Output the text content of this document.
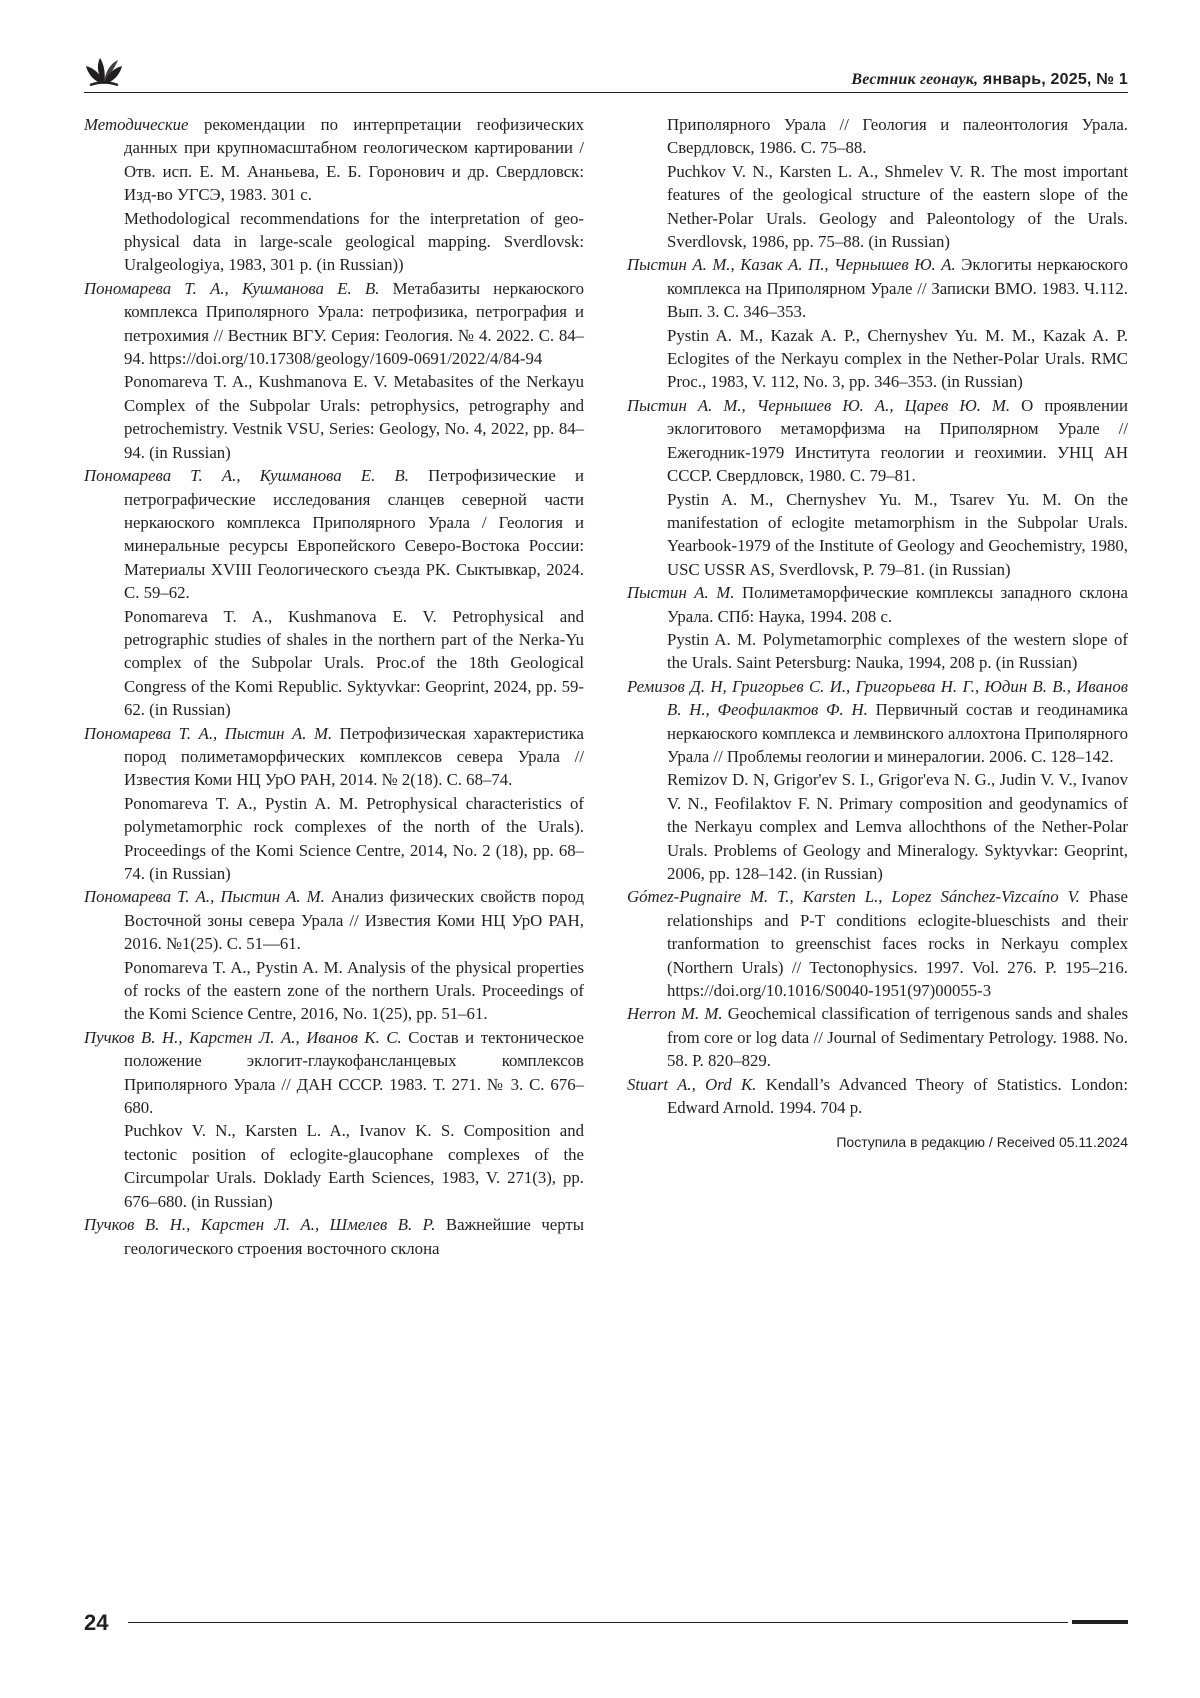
Вестник геонаук, январь, 2025, № 1
Методические рекомендации по интерпретации геофизических данных при крупномасштабном геологическом картировании / Отв. исп. Е. М. Ананьева, Е. Б. Горонович и др. Свердловск: Изд-во УГСЭ, 1983. 301 с.
Methodological recommendations for the interpretation of geo-physical data in large-scale geological mapping. Sverdlovsk: Uralgeologiya, 1983, 301 p. (in Russian))
Пономарева Т. А., Кушманова Е. В. Метабазиты неркаюского комплекса Приполярного Урала: петрофизика, петрография и петрохимия // Вестник ВГУ. Серия: Геология. № 4. 2022. С. 84–94. https://doi.org/10.17308/geology/1609-0691/2022/4/84-94
Ponomareva T. A., Kushmanova E. V. Metabasites of the Nerkayu Complex of the Subpolar Urals: petrophysics, petrography and petrochemistry. Vestnik VSU, Series: Geology, No. 4, 2022, pp. 84–94. (in Russian)
Пономарева Т. А., Кушманова Е. В. Петрофизические и петрографические исследования сланцев северной части неркаюского комплекса Приполярного Урала / Геология и минеральные ресурсы Европейского Северо-Востока России: Материалы XVIII Геологического съезда РК. Сыктывкар, 2024. С. 59–62.
Ponomareva T. A., Kushmanova E. V. Petrophysical and petrographic studies of shales in the northern part of the Nerka-Yu complex of the Subpolar Urals. Proc.of the 18th Geological Congress of the Komi Republic. Syktyvkar: Geoprint, 2024, pp. 59-62. (in Russian)
Пономарева Т. А., Пыстин А. М. Петрофизическая характеристика пород полиметаморфических комплексов севера Урала // Известия Коми НЦ УрО РАН, 2014. № 2(18). С. 68–74.
Ponomareva T. A., Pystin A. M. Petrophysical characteristics of polymetamorphic rock complexes of the north of the Urals). Proceedings of the Komi Science Centre, 2014, No. 2 (18), pp. 68–74. (in Russian)
Пономарева Т. А., Пыстин А. М. Анализ физических свойств пород Восточной зоны севера Урала // Известия Коми НЦ УрО РАН, 2016. №1(25). С. 51—61.
Ponomareva T. A., Pystin A. M. Analysis of the physical properties of rocks of the eastern zone of the northern Urals. Proceedings of the Komi Science Centre, 2016, No. 1(25), pp. 51–61.
Пучков В. Н., Карстен Л. А., Иванов К. С. Состав и тектоническое положение эклогит-глаукофансланцевых комплексов Приполярного Урала // ДАН СССР. 1983. Т. 271. № 3. С. 676–680.
Puchkov V. N., Karsten L. A., Ivanov K. S. Composition and tectonic position of eclogite-glaucophane complexes of the Circumpolar Urals. Doklady Earth Sciences, 1983, V. 271(3), pp. 676–680. (in Russian)
Пучков В. Н., Карстен Л. А., Шмелев В. Р. Важнейшие черты геологического строения восточного склона
Приполярного Урала // Геология и палеонтология Урала. Свердловск, 1986. С. 75–88.
Puchkov V. N., Karsten L. A., Shmelev V. R. The most important features of the geological structure of the eastern slope of the Nether-Polar Urals. Geology and Paleontology of the Urals. Sverdlovsk, 1986, pp. 75–88. (in Russian)
Пыстин А. М., Казак А. П., Чернышев Ю. А. Эклогиты неркаюского комплекса на Приполярном Урале // Записки ВМО. 1983. Ч.112. Вып. 3. С. 346–353.
Pystin A. M., Kazak A. P., Chernyshev Yu. M. M., Kazak A. P. Eclogites of the Nerkayu complex in the Nether-Polar Urals. RMC Proc., 1983, V. 112, No. 3, pp. 346–353. (in Russian)
Пыстин А. М., Чернышев Ю. А., Царев Ю. М. О проявлении эклогитового метаморфизма на Приполярном Урале // Ежегодник-1979 Института геологии и геохимии. УНЦ АН СССР. Свердловск, 1980. С. 79–81.
Pystin A. M., Chernyshev Yu. M., Tsarev Yu. M. On the manifestation of eclogite metamorphism in the Subpolar Urals. Yearbook-1979 of the Institute of Geology and Geochemistry, 1980, USC USSR AS, Sverdlovsk, P. 79–81. (in Russian)
Пыстин А. М. Полиметаморфические комплексы западного склона Урала. СПб: Наука, 1994. 208 с.
Pystin A. M. Polymetamorphic complexes of the western slope of the Urals. Saint Petersburg: Nauka, 1994, 208 p. (in Russian)
Ремизов Д. Н, Григорьев С. И., Григорьева Н. Г., Юдин В. В., Иванов В. Н., Феофилактов Ф. Н. Первичный состав и геодинамика неркаюского комплекса и лемвинского аллохтона Приполярного Урала // Проблемы геологии и минералогии. 2006. С. 128–142.
Remizov D. N, Grigor'ev S. I., Grigor'eva N. G., Judin V. V., Ivanov V. N., Feofilaktov F. N. Primary composition and geodynamics of the Nerkayu complex and Lemva allochthons of the Nether-Polar Urals. Problems of Geology and Mineralogy. Syktyvkar: Geoprint, 2006, pp. 128–142. (in Russian)
Gómez-Pugnaire M. T., Karsten L., Lopez Sánchez-Vizcaíno V. Phase relationships and P-T conditions eclogite-blueschists and their tranformation to greenschist faces rocks in Nerkayu complex (Northern Urals) // Tectonophysics. 1997. Vol. 276. P. 195–216. https://doi.org/10.1016/S0040-1951(97)00055-3
Herron M. M. Geochemical classification of terrigenous sands and shales from core or log data // Journal of Sedimentary Petrology. 1988. No. 58. P. 820–829.
Stuart A., Ord K. Kendall’s Advanced Theory of Statistics. London: Edward Arnold. 1994. 704 p.
Поступила в редакцию / Received 05.11.2024
24
